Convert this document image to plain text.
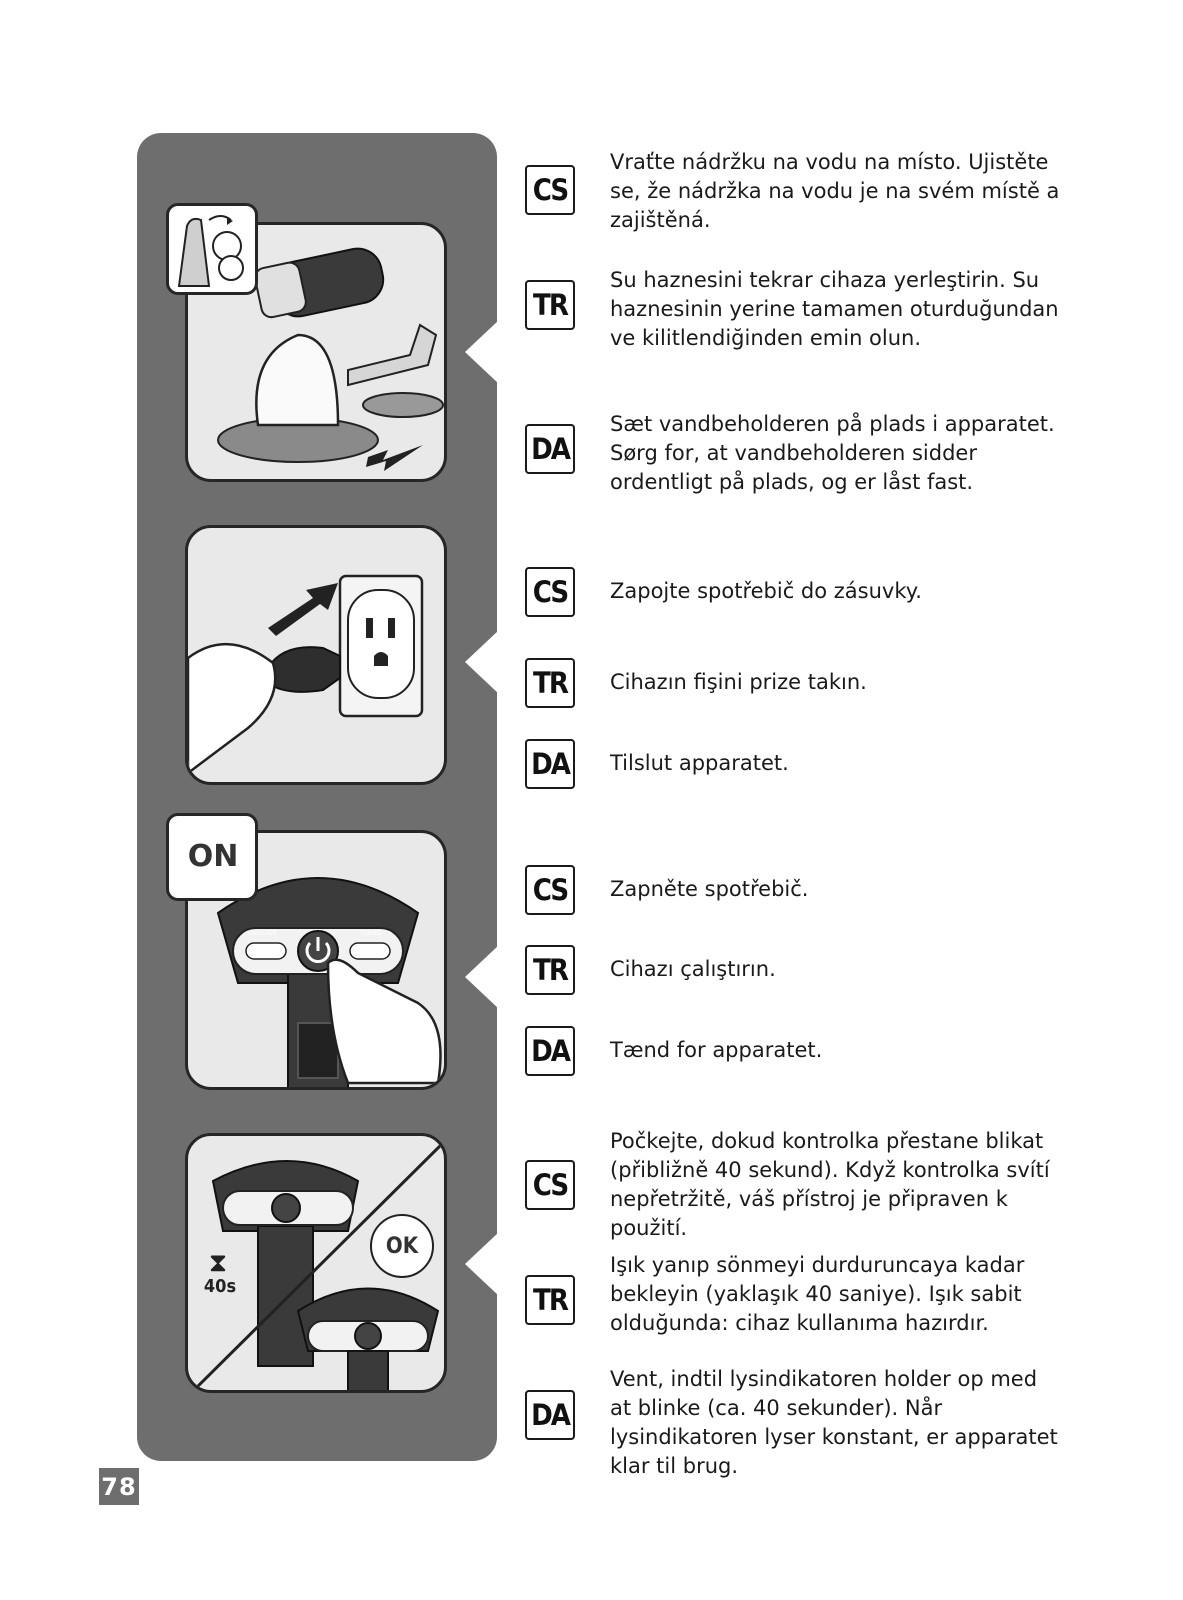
DELICATE	TURBO
ON
⧗
40s
OK
CS
Vraťte nádržku na vodu na místo. Ujistěte se, že nádržka na vodu je na svém místě a zajištěná.
TR
Su haznesini tekrar cihaza yerleştirin. Su haznesinin yerine tamamen oturduğundan ve kilitlendiğinden emin olun.
DA
Sæt vandbeholderen på plads i apparatet. Sørg for, at vandbeholderen sidder ordentligt på plads, og er låst fast.
CS	Zapojte spotřebič do zásuvky.
TR	Cihazın fişini prize takın.
DA Tilslut apparatet.
CS	Zapněte spotřebič.
TR	Cihazı çalıştırın.
DA Tænd for apparatet.
CS
Počkejte, dokud kontrolka přestane blikat (přibližně 40 sekund). Když kontrolka svítí nepřetržitě, váš přístroj je připraven k použití.
TR
Işık yanıp sönmeyi durduruncaya kadar bekleyin (yaklaşık 40 saniye). Işık sabit olduğunda: cihaz kullanıma hazırdır.
DA
Vent, indtil lysindikatoren holder op med at blinke (ca. 40 sekunder). Når lysindikatoren lyser konstant, er apparatet klar til brug.
78
